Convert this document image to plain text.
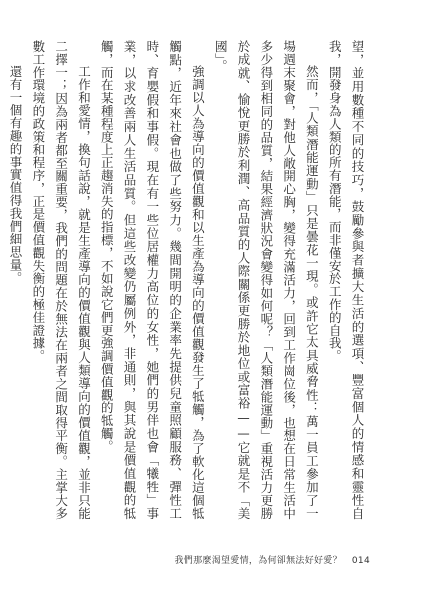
望，並用數種不同的技巧，鼓勵參與者擴大生活的選項、豐富個人的情感和靈性自我，開發身為人類的所有潛能，而非僅安於工作的自我。

然而，「人類潛能運動」只是曇花一現。或許它太具威脅性：萬一員工參加了一場週末聚會，對他人敞開心胸，變得充滿活力，回到工作崗位後，也想在日常生活中多少得到相同的品質，結果經濟狀況會變得如何呢？「人類潛能運動」重視活力更勝於成就、愉悅更勝於利潤、高品質的人際關係更勝於地位或富裕——它就是不「美國」。

強調以人為導向的價值觀和以生產為導向的價值觀發生了牴觸，為了軟化這個牴觸點，近年來社會也做了些努力。幾間開明的企業率先提供兒童照顧服務、彈性工時、育嬰假和事假。現在有一些位居權力高位的女性，她們的男伴也會「犧牲」事業，以求改善兩人生活品質。但這些改變仍屬例外，非通則，與其說是價值觀的牴觸，而在某種程度上正趨消失的指標，不如說它們更強調價值觀的牴觸。

工作和愛情，換句話說，就是生產導向的價值觀與人類導向的價值觀，並非只能二擇一；因為兩者都至關重要，我們的問題在於無法在兩者之間取得平衡。主掌大多數工作環境的政策和程序，正是價值觀失衡的極佳證據。

還有一個有趣的事實值得我們細思量。

我們那麼渴望愛情，為何卻無法好好愛？ 014
